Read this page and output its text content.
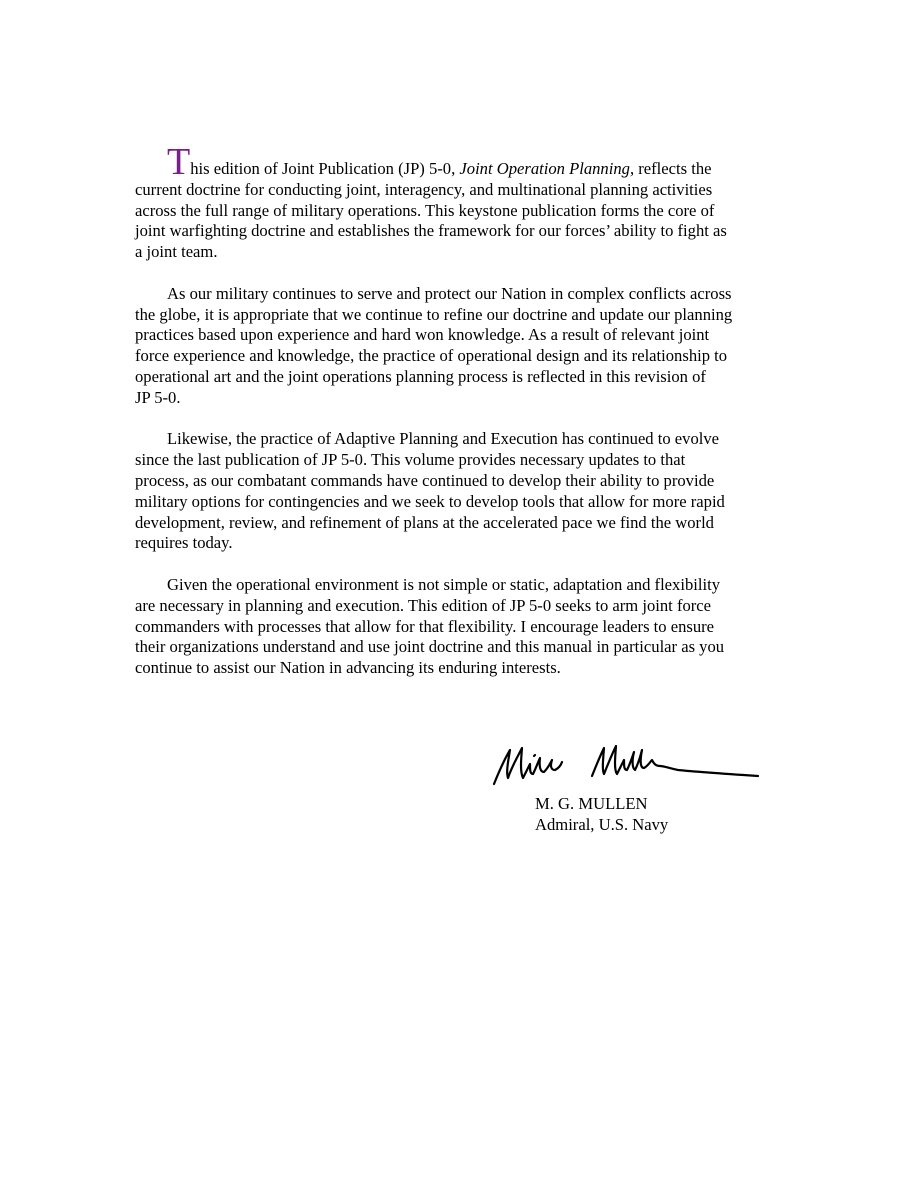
This edition of Joint Publication (JP) 5-0, Joint Operation Planning, reflects the
current doctrine for conducting joint, interagency, and multinational planning activities
across the full range of military operations. This keystone publication forms the core of
joint warfighting doctrine and establishes the framework for our forces’ ability to fight as
a joint team.

As our military continues to serve and protect our Nation in complex conflicts across
the globe, it is appropriate that we continue to refine our doctrine and update our planning
practices based upon experience and hard won knowledge. As a result of relevant joint
force experience and knowledge, the practice of operational design and its relationship to
operational art and the joint operations planning process is reflected in this revision of
JP 5-0.

Likewise, the practice of Adaptive Planning and Execution has continued to evolve
since the last publication of JP 5-0. This volume provides necessary updates to that
process, as our combatant commands have continued to develop their ability to provide
military options for contingencies and we seek to develop tools that allow for more rapid
development, review, and refinement of plans at the accelerated pace we find the world
requires today.

Given the operational environment is not simple or static, adaptation and flexibility
are necessary in planning and execution. This edition of JP 5-0 seeks to arm joint force
commanders with processes that allow for that flexibility. I encourage leaders to ensure
their organizations understand and use joint doctrine and this manual in particular as you
continue to assist our Nation in advancing its enduring interests.

M. G. MULLEN
Admiral, U.S. Navy
